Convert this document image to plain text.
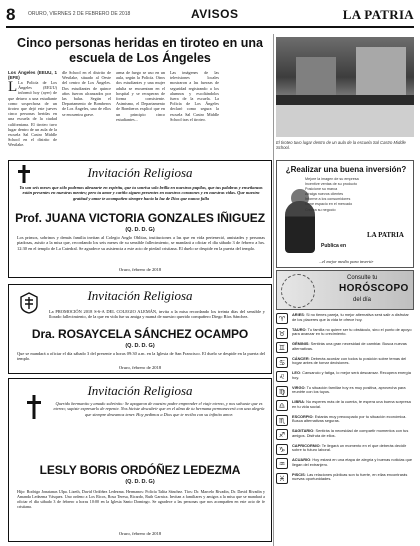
8	ORURO, VIERNES 2 DE FEBRERO DE 2018	AVISOS	LA PATRIA
Cinco personas heridas en tiroteo en una escuela de Los Ángeles
Los Ángeles (EEUU, 1 (EFE)
L La Policía de Los Ángeles (EEUU) informó hoy (ayer) de que detuvo a una estudiante como sospechosa de un tiroteo que dejó este jueves cinco personas heridas en una escuela de la ciudad californiana. El tiroteo tuvo lugar dentro de un aula de la escuela Sal Castro Middle School en el distrito de Westlake.
dle School en el distrito de Westlake, situado al Oeste del centro de Los Ángeles. Dos estudiantes de quince años fueron alcanzados por las balas. Según el Departamento de Bomberos de Los Ángeles, uno de ellos se encuentra grave.
arma de fuego se uso en un aula, según la Policía. Otros dos estudiantes y una mujer adulta se encuentran en el hospital y se recuperan de forma consistente. Asimismo, el Departamento de Bomberos explicó que en un principio cinco estudiantes...
Las imágenes de las televisiones locales mostraron a las fuerzas de seguridad registrando a los alumnos y escoltándolos fuera de la escuela. La Policía de Los Ángeles declaró como segura la escuela Sal Castro Middle School tras el tiroteo.
El tiroteo tuvo lugar dentro de un aula de la escuela Sal Castro Middle School.
Invitación Religiosa
Ya son seis meses que sólo podemos abrazarte en espíritu, que tu sonrisa solo brilla en nuestras pupilas, que tus palabras y enseñanzas están presentes en nuestras mentes; pero tu amor y cariño siguen presentes en nuestros corazones y en nuestras vidas. Que nuestra gratitud y amor te acompañen siempre hacia la luz de Dios que nunca falla
Prof. JUANA VICTORIA GONZALES IÑIGUEZ
(Q. D. D. G)
Los primos, sobrinos y demás familia invitan al Colegio Anglo Oblitas, instituciones a las que en vida perteneció, amistades y personas piadosas, asistir a la misa que, recordando los seis meses de su sensible fallecimiento, se mandará a oficiar el día sábado 3 de febrero a hrs. 12:30 en el templo de La Catedral. Se agradece su asistencia a este acto de piedad cristiana. El duelo se despide en la puerta del templo.
Oruro, febrero de 2018
Invitación Religiosa
La PROMOCIÓN 2018 S-6-A DEL COLEGIO ALEMÁN, invita a la misa recordando los treinta días del sensible y llorado fallecimiento, de la que en vida fue su amiga y mamá de nuestro querido compañero Diego Ríos Sánchez.
Dra. ROSAYCELA SÁNCHEZ OCAMPO
(Q. D. D. G)
Que se mandará a oficiar el día sábado 3 del presente a horas 09:30 a.m. en la Iglesia de San Francisco. El duelo se despide en la puerta del templo.
Oruro, febrero de 2018
Invitación Religiosa
Querido hermanito y amado sobrinito: Se apagaron de nuestro padre emprender el viaje eterno, y nos salvaste que es eterno; supiste expresarlo de repente. Nos hiciste descubrir que en el alma de tu hermana permanecerá con una alegría que siempre deseamos tener. Hoy pedimos a Dios que te reciba con su infinito amor.
LESLY BORIS ORDÓÑEZ LEDEZMA
(Q. D. D. G)
Hijo: Rodrigo Jonatanas Ulpa. Lizeth, David Ordóñez Ledezma. Hermanos: Policía Talita Sánchez. Tíos: Dr. Marcelo Rivadin, Dr. David Rivadin y Amanda Ledezma Vásquez. Uno ordeno a Los Ricos, Rosa Teresa, Ricardo, Ruth Garnica. Invitan a familiares y amigos a la misa que se mandará a oficiar el día sábado 3 de febrero a horas 10:00 en la Iglesia Santo Domingo. Se agradece a las personas que nos acompañen en este acto de fe cristiana.
Oruro, febrero de 2018
¿Realizar una buena inversión?
Mejore la imagen de su empresa
Incentive ventas de su producto
Posicione su marca
Atraiga nuevos clientes
Informe a los consumidores
Gane espacio en el mercado
Crezca su negocio
LA PATRIA
Publica en
...el mejor medio para invertir
Consulte tu
HORÓSCOPO
del día
♈
ARIES: Si no tienes pareja, tu mejor alternativa será salir a disfrutar de los placeres que la vida te ofrece hoy.
♉
TAURO: Tu familia no quiere ser tu obstáculo, sino el punto de apoyo para avanzar en tu crecimiento.
♊
GÉMINIS: Sentirás una gran necesidad de cambiar. Busca nuevas alternativas.
♋
CÁNCER: Deberás acordar con todos tu posición sobre temas del hogar antes de tomar decisiones.
♌
LEO: Cansancio y fatiga, lo mejor será descansar. Recupera energía hoy.
♍
VIRGO: Tu situación familiar hoy es muy positiva, aprovecha para reunirte con los tuyos.
♎
LIBRA: No esperes más de la cuenta, te espera una buena sorpresa en tu vida social.
♏
ESCORPIO: Estarás muy preocupado por tu situación económica. Busca alternativas seguras.
♐
SAGITARIO: Sentirás la necesidad de compartir momentos con tus amigos. Disfruta de ellos.
♑
CAPRICORNIO: Te llegará un momento en el que deberás decidir sobre tu futuro laboral.
♒
ACUARIO: Hoy estará en una etapa de alegría y buenas noticias que llegan del extranjero.
♓
PISCIS: Las relaciones públicas son tu fuerte, en ellas encontrarás nuevas oportunidades.
